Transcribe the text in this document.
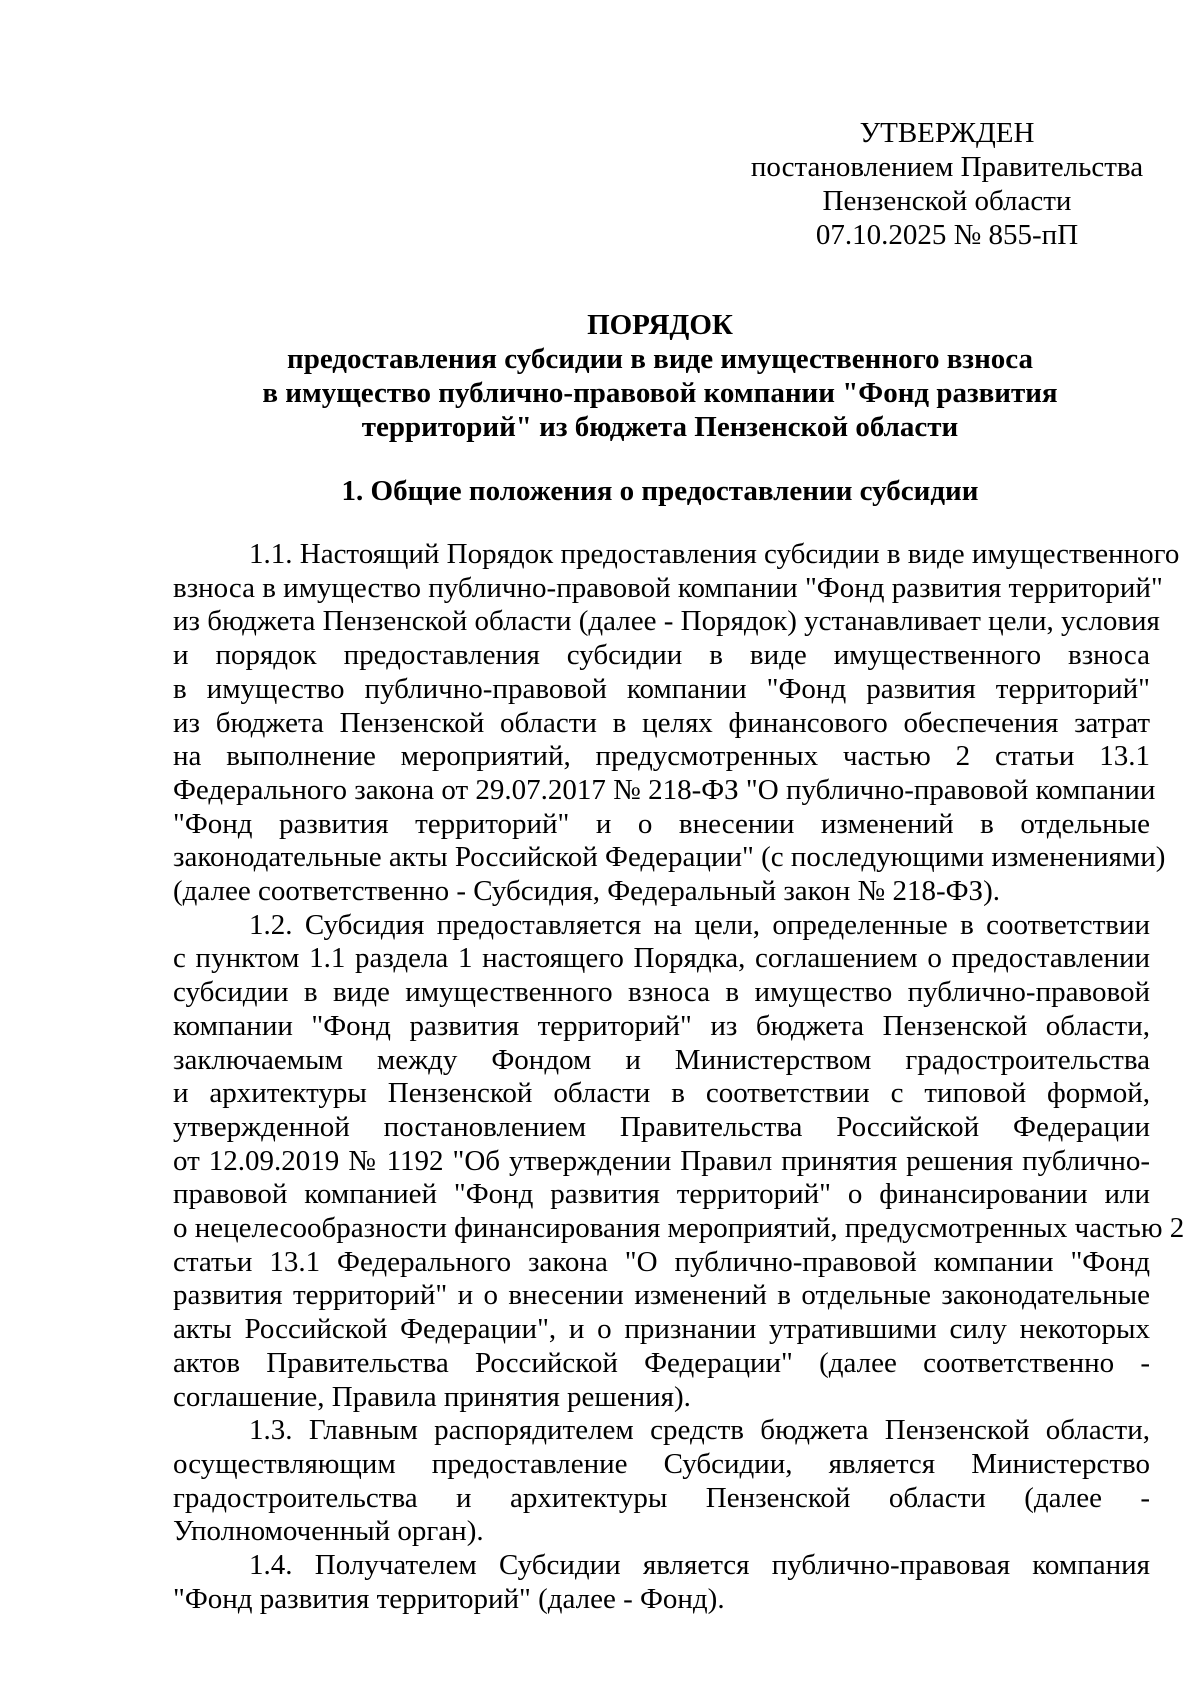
УТВЕРЖДЕН
постановлением Правительства
Пензенской области
07.10.2025 № 855-пП
ПОРЯДОК
предоставления субсидии в виде имущественного взноса
в имущество публично-правовой компании "Фонд развития
территорий" из бюджета Пензенской области
1. Общие положения о предоставлении субсидии
1.1. Настоящий Порядок предоставления субсидии в виде имущественного
взноса в имущество публично-правовой компании "Фонд развития территорий"
из бюджета Пензенской области (далее - Порядок) устанавливает цели, условия
и порядок предоставления субсидии в виде имущественного взноса
в имущество публично-правовой компании "Фонд развития территорий"
из бюджета Пензенской области в целях финансового обеспечения затрат
на выполнение мероприятий, предусмотренных частью 2 статьи 13.1
Федерального закона от 29.07.2017 № 218-ФЗ "О публично-правовой компании
"Фонд развития территорий" и о внесении изменений в отдельные
законодательные акты Российской Федерации" (с последующими изменениями)
(далее соответственно - Субсидия, Федеральный закон № 218-ФЗ).
1.2. Субсидия предоставляется на цели, определенные в соответствии
с пунктом 1.1 раздела 1 настоящего Порядка, соглашением о предоставлении
субсидии в виде имущественного взноса в имущество публично-правовой
компании "Фонд развития территорий" из бюджета Пензенской области,
заключаемым между Фондом и Министерством градостроительства
и архитектуры Пензенской области в соответствии с типовой формой,
утвержденной постановлением Правительства Российской Федерации
от 12.09.2019 № 1192 "Об утверждении Правил принятия решения публично-
правовой компанией "Фонд развития территорий" о финансировании или
о нецелесообразности финансирования мероприятий, предусмотренных частью 2
статьи 13.1 Федерального закона "О публично-правовой компании "Фонд
развития территорий" и о внесении изменений в отдельные законодательные
акты Российской Федерации", и о признании утратившими силу некоторых
актов Правительства Российской Федерации" (далее соответственно -
соглашение, Правила принятия решения).
1.3. Главным распорядителем средств бюджета Пензенской области,
осуществляющим предоставление Субсидии, является Министерство
градостроительства и архитектуры Пензенской области (далее -
Уполномоченный орган).
1.4. Получателем Субсидии является публично-правовая компания
"Фонд развития территорий" (далее - Фонд).
